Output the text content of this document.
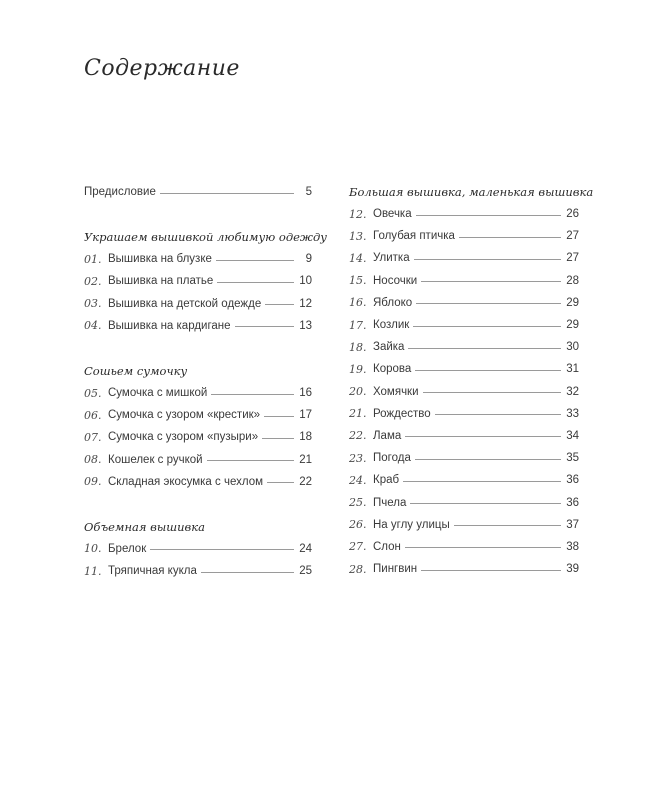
Содержание
Предисловие	5
Украшаем вышивкой любимую одежду
01. Вышивка на блузке	9
02. Вышивка на платье	10
03. Вышивка на детской одежде	12
04. Вышивка на кардигане	13
Сошьем сумочку
05. Сумочка с мишкой	16
06. Сумочка с узором «крестик»	17
07. Сумочка с узором «пузыри»	18
08. Кошелек с ручкой	21
09. Складная экосумка с чехлом	22
Объемная вышивка
10. Брелок	24
11. Тряпичная кукла	25
Большая вышивка, маленькая вышивка
12. Овечка	26
13. Голубая птичка	27
14. Улитка	27
15. Носочки	28
16. Яблоко	29
17. Козлик	29
18. Зайка	30
19. Корова	31
20. Хомячки	32
21. Рождество	33
22. Лама	34
23. Погода	35
24. Краб	36
25. Пчела	36
26. На углу улицы	37
27. Слон	38
28. Пингвин	39
